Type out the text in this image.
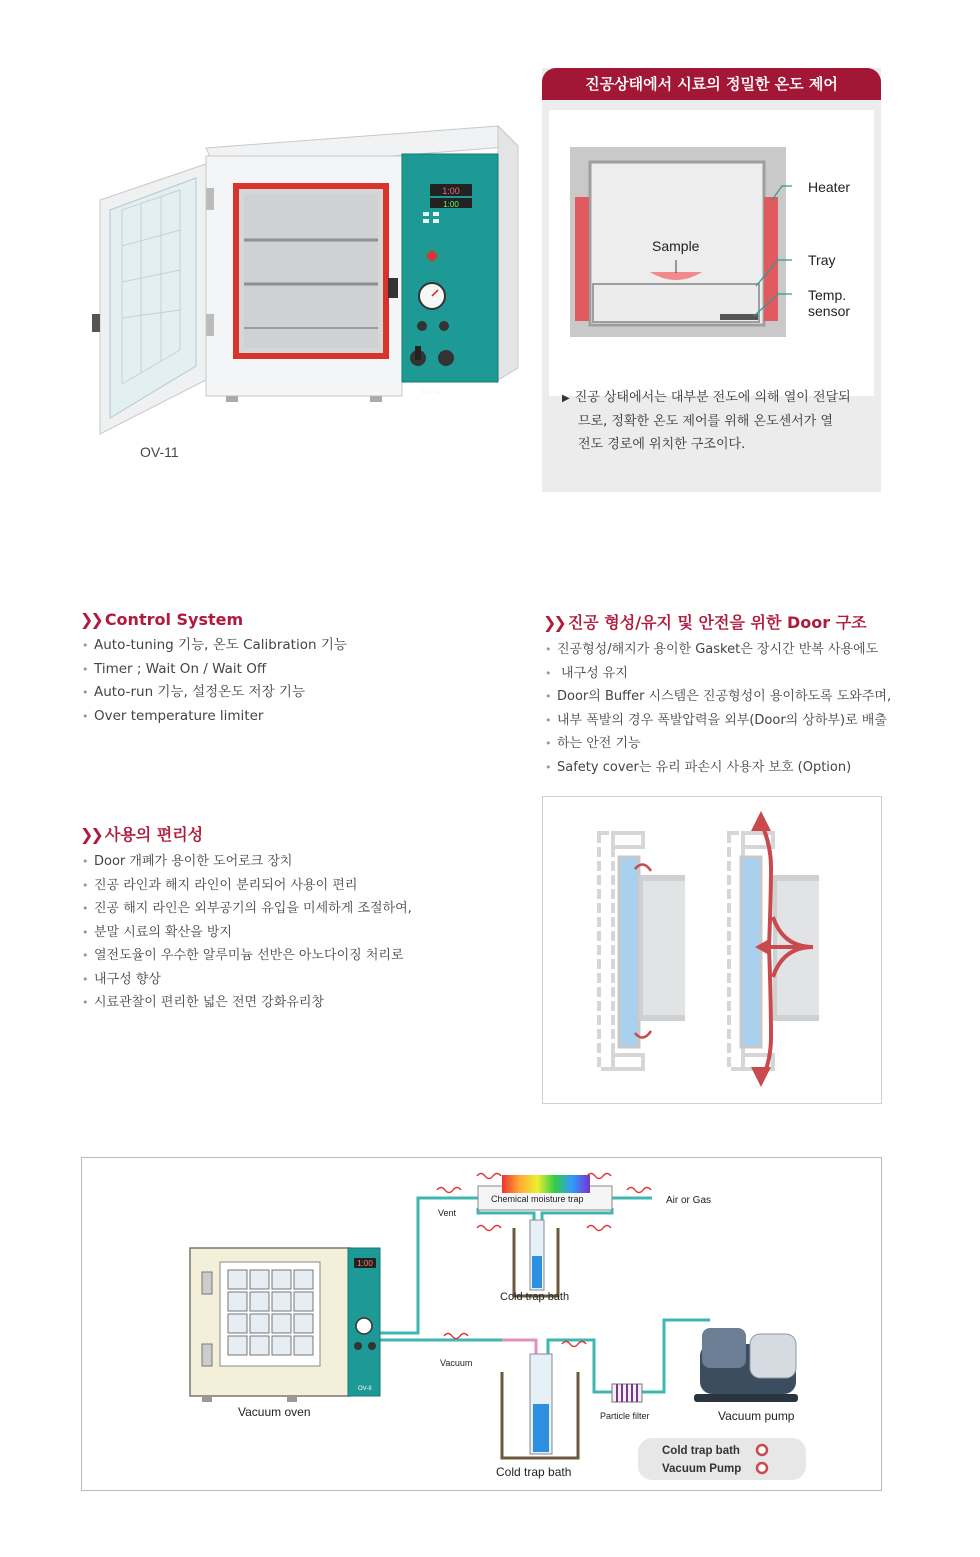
1:00
1:00
OV-11
OV-11
진공상태에서 시료의 정밀한 온도 제어
Heater
Sample
Tray
Temp.
sensor
▶ 진공 상태에서는 대부분 전도에 의해 열이 전달되
므로, 정확한 온도 제어를 위해 온도센서가 열
전도 경로에 위치한 구조이다.
❯❯ Control System
• Auto-tuning 기능, 온도 Calibration 기능
• Timer ; Wait On / Wait Off
• Auto-run 기능, 설정온도 저장 기능
• Over temperature limiter
❯❯ 진공 형성/유지 및 안전을 위한 Door 구조
• 진공형성/해지가 용이한 Gasket은 장시간 반복 사용에도
• 내구성 유지
• Door의 Buffer 시스템은 진공형성이 용이하도록 도와주며,
• 내부 폭발의 경우 폭발압력을 외부(Door의 상하부)로 배출
• 하는 안전 기능
• Safety cover는 유리 파손시 사용자 보호 (Option)
❯❯ 사용의 편리성
• Door 개폐가 용이한 도어로크 장치
• 진공 라인과 해지 라인이 분리되어 사용이 편리
• 진공 해지 라인은 외부공기의 유입을 미세하게 조절하여,
• 분말 시료의 확산을 방지
• 열전도율이 우수한 알루미늄 선반은 아노다이징 처리로
• 내구성 향상
• 시료관찰이 편리한 넓은 전면 강화유리창
Chemical moisture trap	Air or Gas
Vent
Cold trap bath
1:00
OV-II
Vacuum oven
Vacuum
Cold trap bath
Particle filter	Vacuum pump
Cold trap bath
Vacuum Pump
